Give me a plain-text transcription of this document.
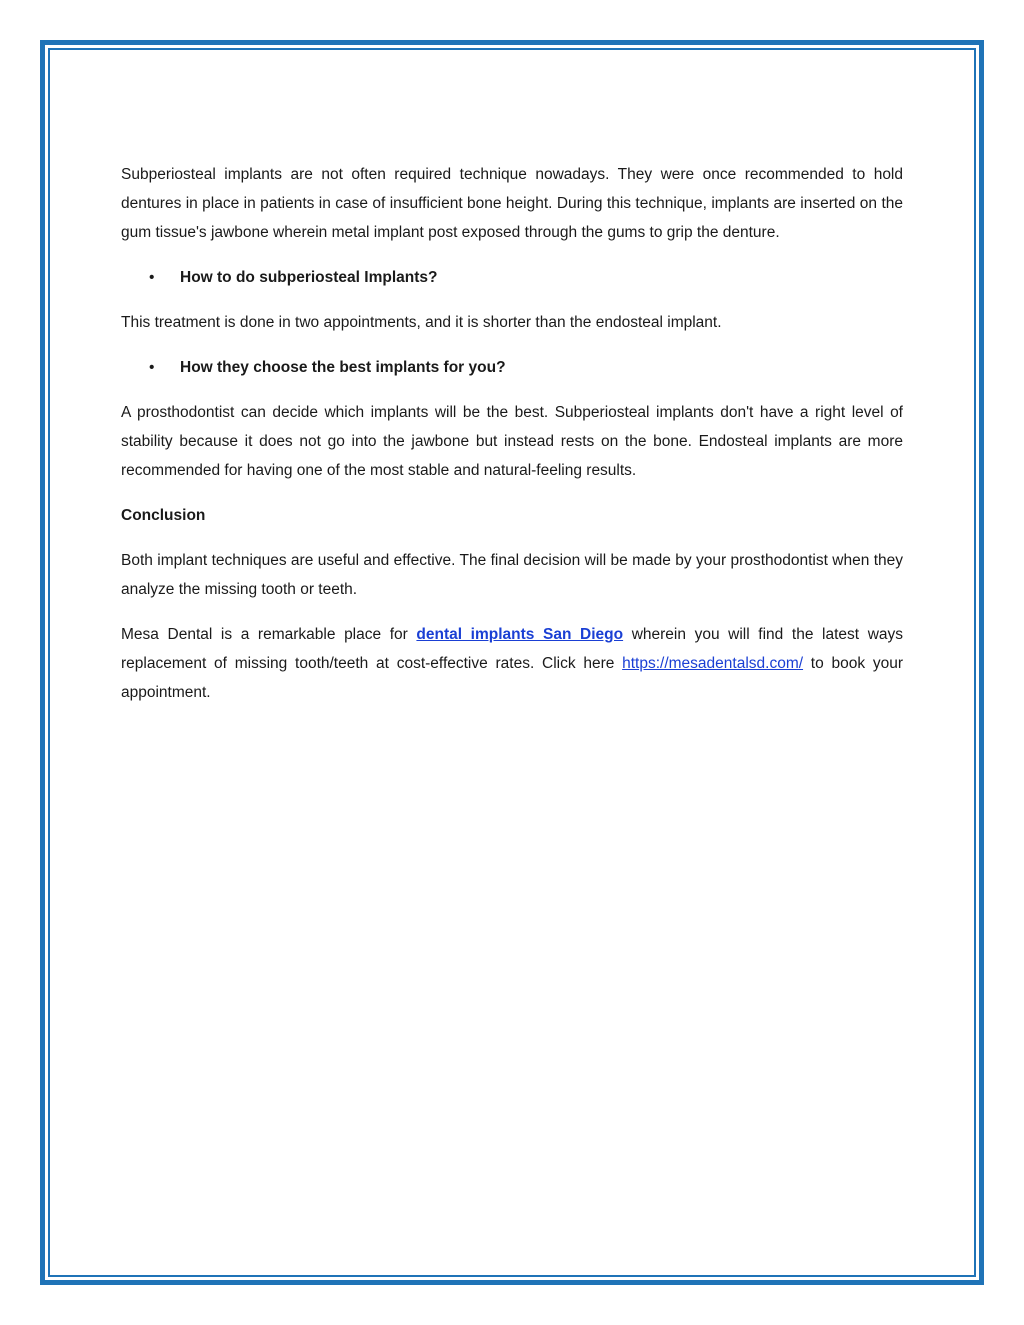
Subperiosteal implants are not often required technique nowadays. They were once recommended to hold dentures in place in patients in case of insufficient bone height. During this technique, implants are inserted on the gum tissue's jawbone wherein metal implant post exposed through the gums to grip the denture.

• How to do subperiosteal Implants?

This treatment is done in two appointments, and it is shorter than the endosteal implant.

• How they choose the best implants for you?

A prosthodontist can decide which implants will be the best. Subperiosteal implants don't have a right level of stability because it does not go into the jawbone but instead rests on the bone. Endosteal implants are more recommended for having one of the most stable and natural-feeling results.

Conclusion

Both implant techniques are useful and effective. The final decision will be made by your prosthodontist when they analyze the missing tooth or teeth.

Mesa Dental is a remarkable place for dental implants San Diego wherein you will find the latest ways replacement of missing tooth/teeth at cost-effective rates. Click here https://mesadentalsd.com/ to book your appointment.
